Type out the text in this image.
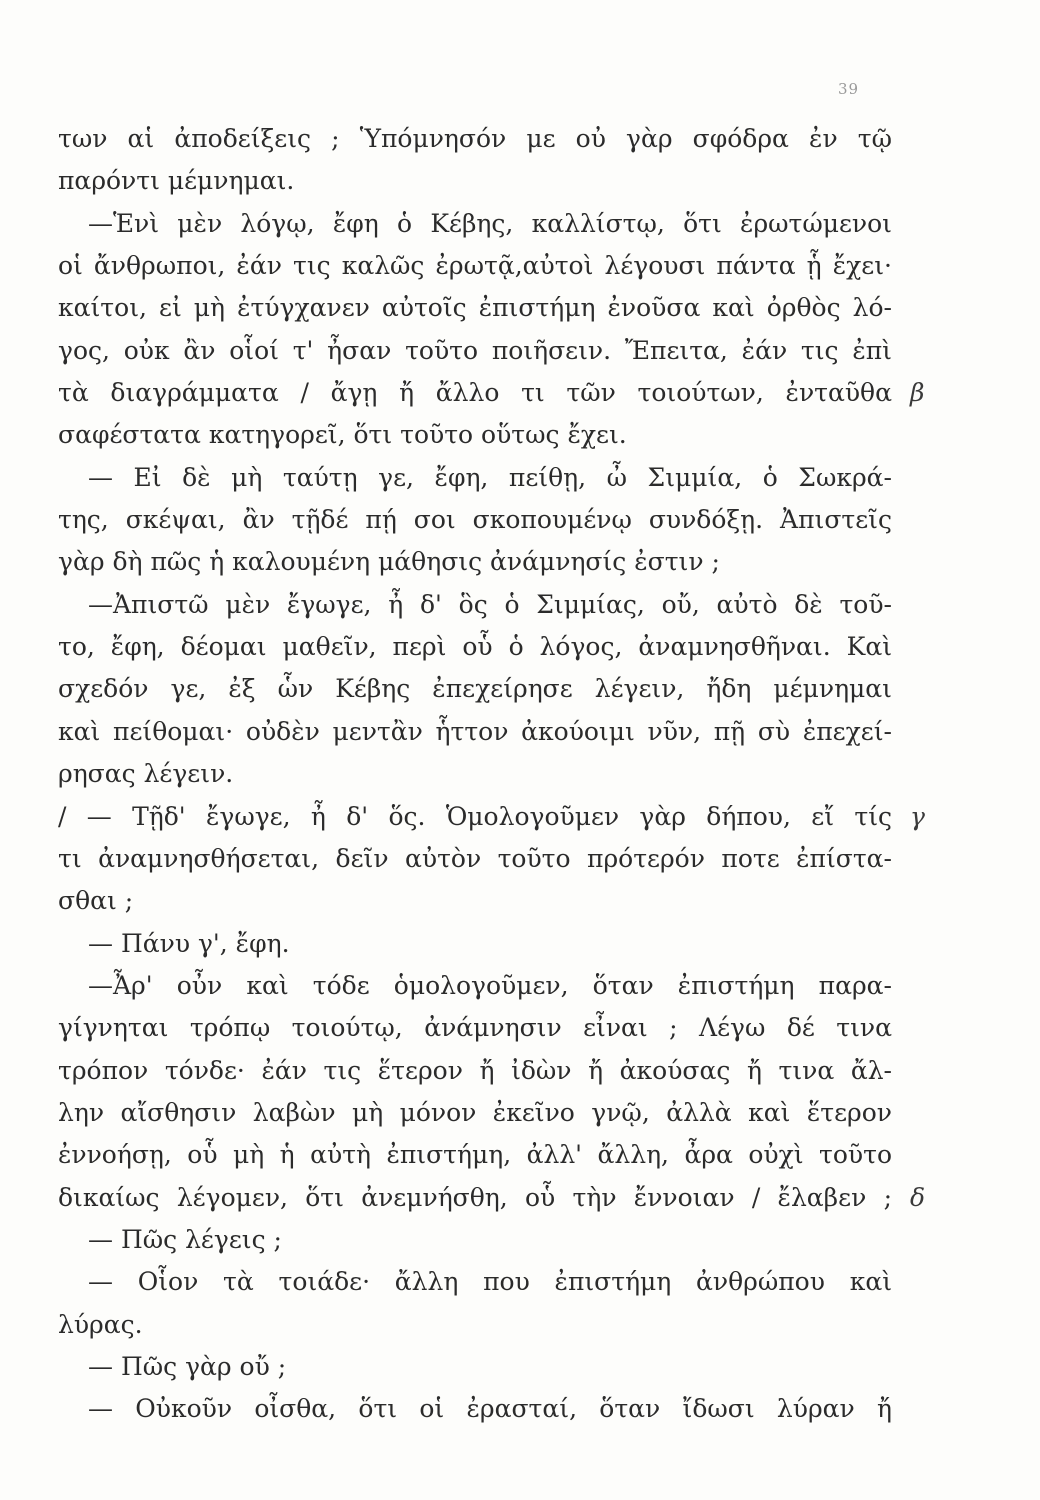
39
των αἱ ἀποδείξεις ; Ὑπόμνησόν με οὐ γὰρ σφόδρα ἐν τῷ
παρόντι μέμνημαι.
—Ἑνὶ μὲν λόγῳ, ἔφη ὁ Κέβης, καλλίστῳ, ὅτι ἐρωτώμενοι
οἱ ἄνθρωποι, ἐάν τις καλῶς ἐρωτᾷ,αὐτοὶ λέγουσι πάντα ᾗ ἔχει·
καίτοι, εἰ μὴ ἐτύγχανεν αὐτοῖς ἐπιστήμη ἐνοῦσα καὶ ὀρθὸς λό-
γος, οὐκ ἂν οἷοί τ' ἦσαν τοῦτο ποιῆσειν. Ἔπειτα, ἐάν τις ἐπὶ
τὰ διαγράμματα / ἄγῃ ἤ ἄλλο τι τῶν τοιούτων, ἐνταῦθα
σαφέστατα κατηγορεῖ, ὅτι τοῦτο οὕτως ἔχει.
— Εἰ δὲ μὴ ταύτῃ γε, ἔφη, πείθῃ, ὦ Σιμμία, ὁ Σωκρά-
της, σκέψαι, ἂν τῇδέ πῄ σοι σκοπουμένῳ συνδόξῃ. Ἀπιστεῖς
γὰρ δὴ πῶς ἡ καλουμένη μάθησις ἀνάμνησίς ἐστιν ;
—Ἀπιστῶ μὲν ἔγωγε, ἦ δ' ὃς ὁ Σιμμίας, οὔ, αὐτὸ δὲ τοῦ-
το, ἔφη, δέομαι μαθεῖν, περὶ οὗ ὁ λόγος, ἀναμνησθῆναι. Καὶ
σχεδόν γε, ἐξ ὧν Κέβης ἐπεχείρησε λέγειν, ἤδη μέμνημαι
καὶ πείθομαι· οὐδὲν μεντἂν ἧττον ἀκούοιμι νῦν, πῇ σὺ ἐπεχεί-
ρησας λέγειν.
/ — Τῇδ' ἔγωγε, ἦ δ' ὅς. Ὁμολογοῦμεν γὰρ δήπου, εἴ τίς
τι ἀναμνησθήσεται, δεῖν αὐτὸν τοῦτο πρότερόν ποτε ἐπίστα-
σθαι ;
— Πάνυ γ', ἔφη.
—Ἆρ' οὖν καὶ τόδε ὁμολογοῦμεν, ὅταν ἐπιστήμη παρα-
γίγνηται τρόπῳ τοιούτῳ, ἀνάμνησιν εἶναι ; Λέγω δέ τινα
τρόπον τόνδε· ἐάν τις ἕτερον ἤ ἰδὼν ἤ ἀκούσας ἤ τινα ἄλ-
λην αἴσθησιν λαβὼν μὴ μόνον ἐκεῖνο γνῷ, ἀλλὰ καὶ ἕτερον
ἐννοήσῃ, οὗ μὴ ἡ αὐτὴ ἐπιστήμη, ἀλλ' ἄλλη, ἆρα οὐχὶ τοῦτο
δικαίως λέγομεν, ὅτι ἀνεμνήσθη, οὗ τὴν ἔννοιαν / ἔλαβεν ;
— Πῶς λέγεις ;
— Οἷον τὰ τοιάδε· ἄλλη που ἐπιστήμη ἀνθρώπου καὶ
λύρας.
— Πῶς γὰρ οὔ ;
— Οὐκοῦν οἶσθα, ὅτι οἱ ἐρασταί, ὅταν ἴδωσι λύραν ἤ
β
γ
δ
